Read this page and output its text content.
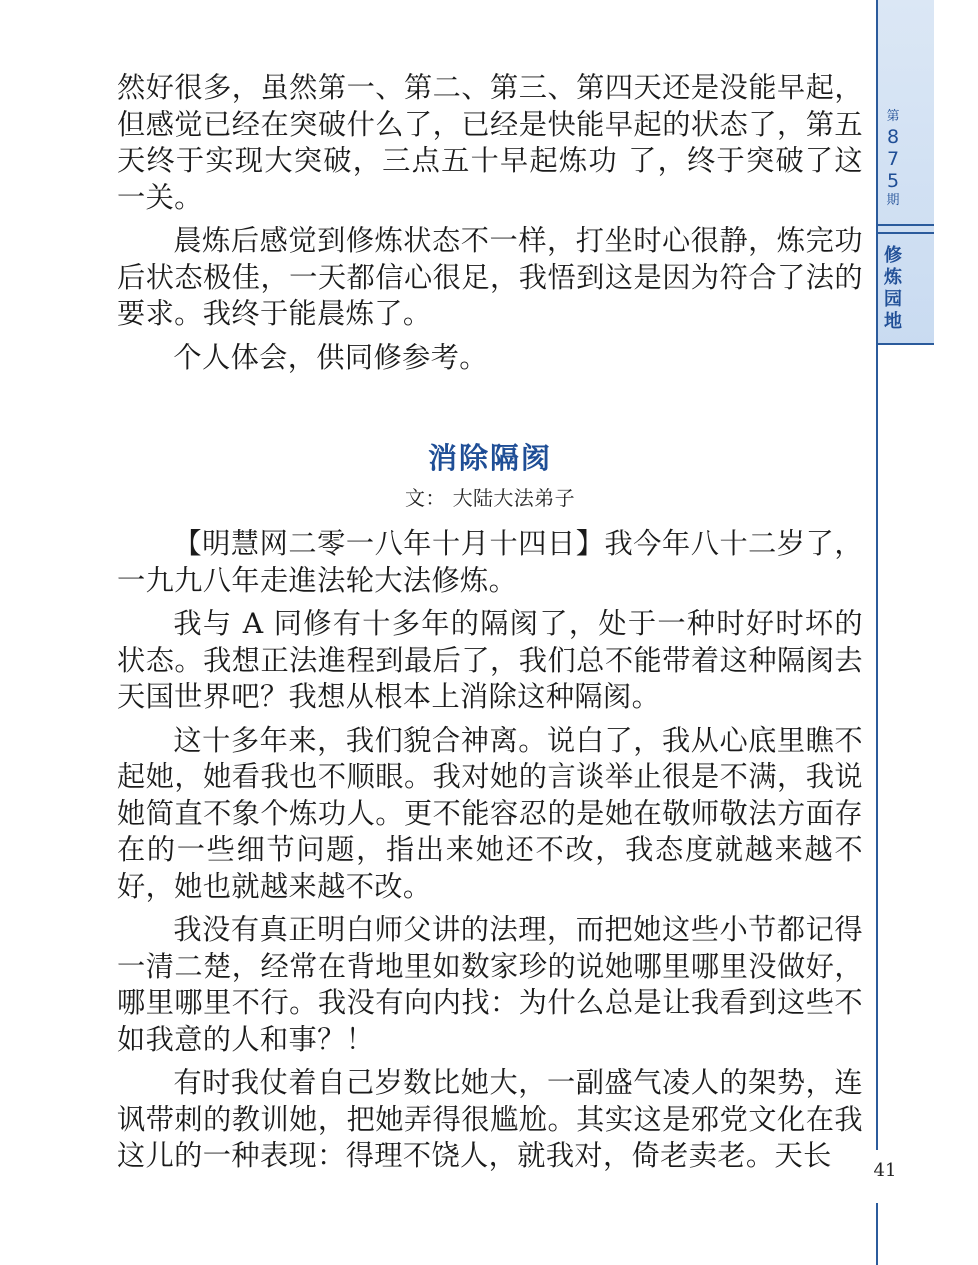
然好很多，虽然第一、第二、第三、第四天还是没能早起，但感觉已经在突破什么了，已经是快能早起的状态了，第五天终于实现大突破，三点五十早起炼功 了，终于突破了这一关。

晨炼后感觉到修炼状态不一样，打坐时心很静，炼完功后状态极佳，一天都信心很足，我悟到这是因为符合了法的要求。我终于能晨炼了。

个人体会，供同修参考。

消除隔阂
文： 大陆大法弟子

【明慧网二零一八年十月十四日】我今年八十二岁了，一九九八年走進法轮大法修炼。

我与 A 同修有十多年的隔阂了，处于一种时好时坏的状态。我想正法進程到最后了，我们总不能带着这种隔阂去天国世界吧？我想从根本上消除这种隔阂。

这十多年来，我们貌合神离。说白了，我从心底里瞧不起她，她看我也不顺眼。我对她的言谈举止很是不满，我说她简直不象个炼功人。更不能容忍的是她在敬师敬法方面存在的一些细节问题，指出来她还不改，我态度就越来越不好，她也就越来越不改。

我没有真正明白师父讲的法理，而把她这些小节都记得一清二楚，经常在背地里如数家珍的说她哪里哪里没做好，哪里哪里不行。我没有向内找：为什么总是让我看到这些不如我意的人和事？！

有时我仗着自己岁数比她大，一副盛气凌人的架势，连讽带刺的教训她，把她弄得很尴尬。其实这是邪党文化在我这儿的一种表现：得理不饶人，就我对，倚老卖老。天长

第
8
7
5
期
修
炼
园
地
41
